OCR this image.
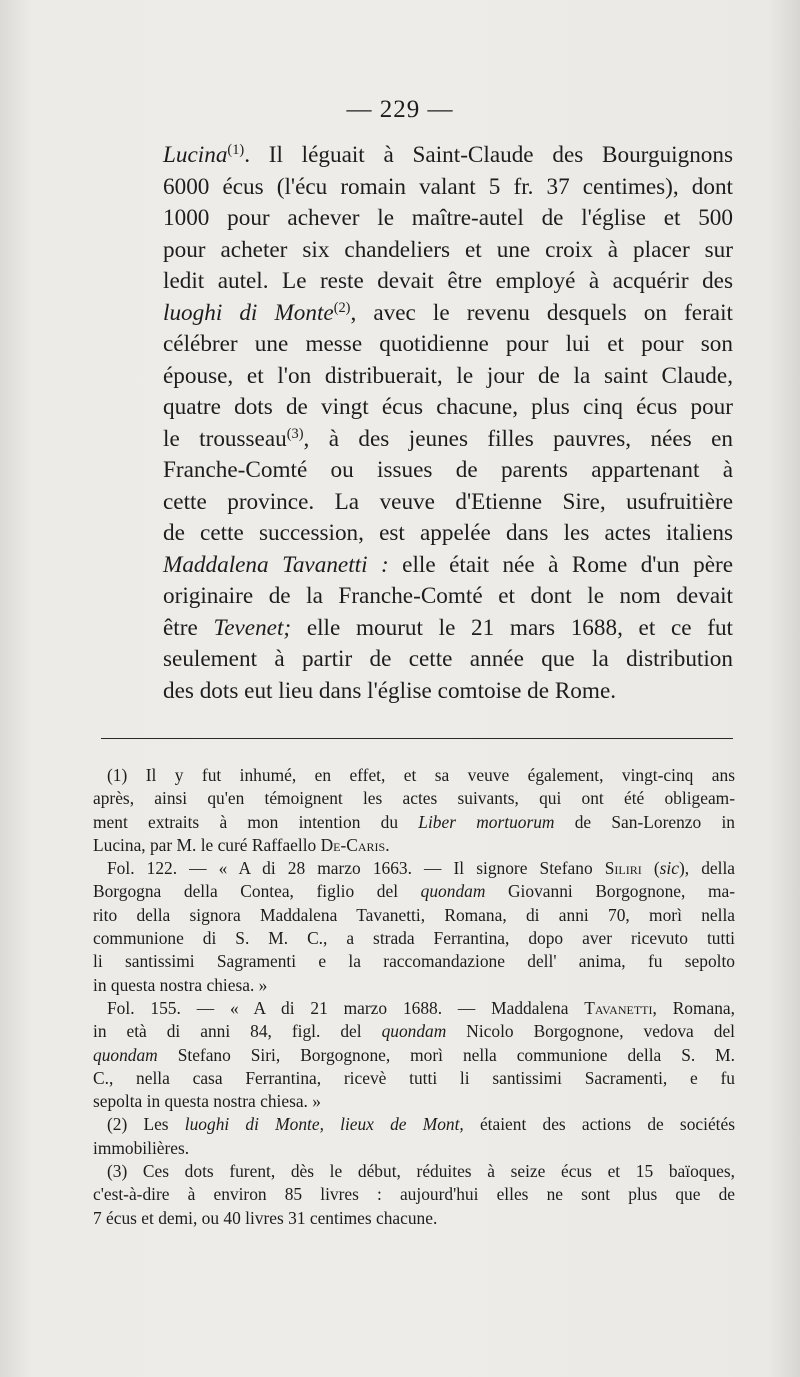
— 229 —

Lucina$^{(1)}$. Il léguait à Saint-Claude des Bourguignons
6000 écus (l'écu romain valant 5 fr. 37 centimes), dont
1000 pour achever le maître-autel de l'église et 500
pour acheter six chandeliers et une croix à placer sur
ledit autel. Le reste devait être employé à acquérir des
luoghi di Monte$^{(2)}$, avec le revenu desquels on ferait
célébrer une messe quotidienne pour lui et pour son
épouse, et l'on distribuerait, le jour de la saint Claude,
quatre dots de vingt écus chacune, plus cinq écus pour
le trousseau$^{(3)}$, à des jeunes filles pauvres, nées en
Franche-Comté ou issues de parents appartenant à
cette province. La veuve d'Etienne Sire, usufruitière
de cette succession, est appelée dans les actes italiens
Maddalena Tavanetti : elle était née à Rome d'un père
originaire de la Franche-Comté et dont le nom devait
être Tevenet; elle mourut le 21 mars 1688, et ce fut
seulement à partir de cette année que la distribution
des dots eut lieu dans l'église comtoise de Rome.

(1) Il y fut inhumé, en effet, et sa veuve également, vingt-cinq ans
après, ainsi qu'en témoignent les actes suivants, qui ont été obligeam-
ment extraits à mon intention du Liber mortuorum de San-Lorenzo in
Lucina, par M. le curé Raffaello De-Caris.
Fol. 122. — « A di 28 marzo 1663. — Il signore Stefano Siliri (sic), della
Borgogna della Contea, figlio del quondam Giovanni Borgognone, ma-
rito della signora Maddalena Tavanetti, Romana, di anni 70, morì nella
communione di S. M. C., a strada Ferrantina, dopo aver ricevuto tutti
li santissimi Sagramenti e la raccomandazione dell' anima, fu sepolto
in questa nostra chiesa. »
Fol. 155. — « A di 21 marzo 1688. — Maddalena Tavanetti, Romana,
in età di anni 84, figl. del quondam Nicolo Borgognone, vedova del
quondam Stefano Siri, Borgognone, morì nella communione della S. M.
C., nella casa Ferrantina, ricevè tutti li santissimi Sacramenti, e fu
sepolta in questa nostra chiesa. »
(2) Les luoghi di Monte, lieux de Mont, étaient des actions de sociétés
immobilières.
(3) Ces dots furent, dès le début, réduites à seize écus et 15 baïoques,
c'est-à-dire à environ 85 livres : aujourd'hui elles ne sont plus que de
7 écus et demi, ou 40 livres 31 centimes chacune.
